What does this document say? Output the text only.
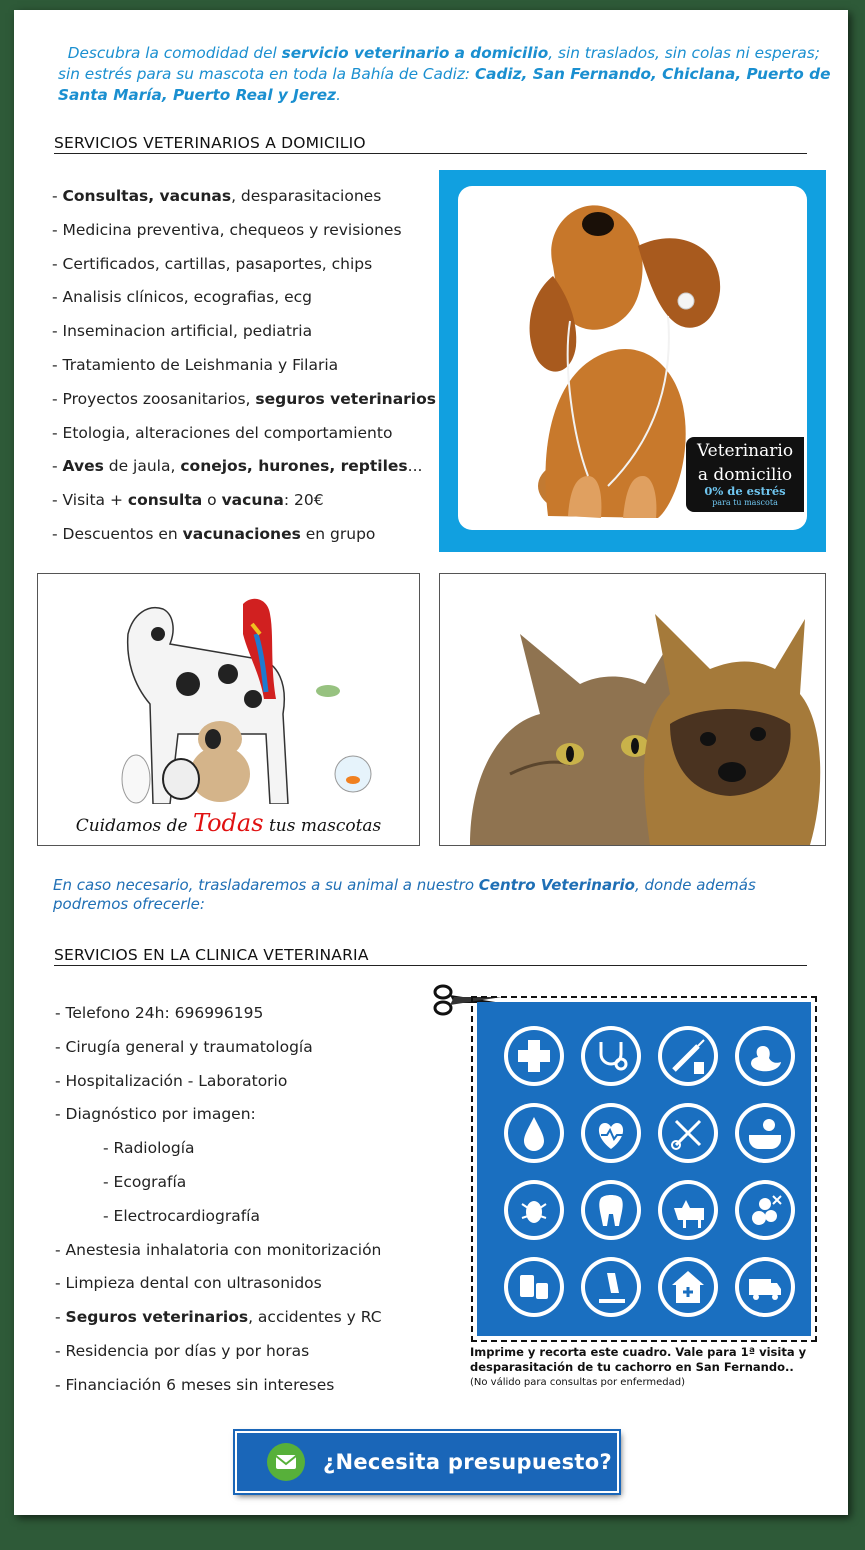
Descubra la comodidad del servicio veterinario a domicilio, sin traslados, sin colas ni esperas; sin estrés para su mascota en toda la Bahía de Cadiz: Cadiz, San Fernando, Chiclana, Puerto de Santa María, Puerto Real y Jerez.

SERVICIOS VETERINARIOS A DOMICILIO
- Consultas, vacunas, desparasitaciones
- Medicina preventiva, chequeos y revisiones
- Certificados, cartillas, pasaportes, chips
- Analisis clínicos, ecografias, ecg
- Inseminacion artificial, pediatria
- Tratamiento de Leishmania y Filaria
- Proyectos zoosanitarios, seguros veterinarios
- Etologia, alteraciones del comportamiento
- Aves de jaula, conejos, hurones, reptiles...
- Visita + consulta o vacuna: 20€
- Descuentos en vacunaciones en grupo
Veterinario
a domicilio
0% de estrés
para tu mascota
Cuidamos de Todas tus mascotas

En caso necesario, trasladaremos a su animal a nuestro Centro Veterinario, donde además podremos ofrecerle:

SERVICIOS EN LA CLINICA VETERINARIA
- Telefono 24h: 696996195
- Cirugía general y traumatología
- Hospitalización - Laboratorio
- Diagnóstico por imagen:
- Radiología
- Ecografía
- Electrocardiografía
- Anestesia inhalatoria con monitorización
- Limpieza dental con ultrasonidos
- Seguros veterinarios, accidentes y RC
- Residencia por días y por horas
- Financiación 6 meses sin intereses
Imprime y recorta este cuadro. Vale para 1ª visita y desparasitación de tu cachorro en San Fernando..
(No válido para consultas por enfermedad)
¿Necesita presupuesto?
